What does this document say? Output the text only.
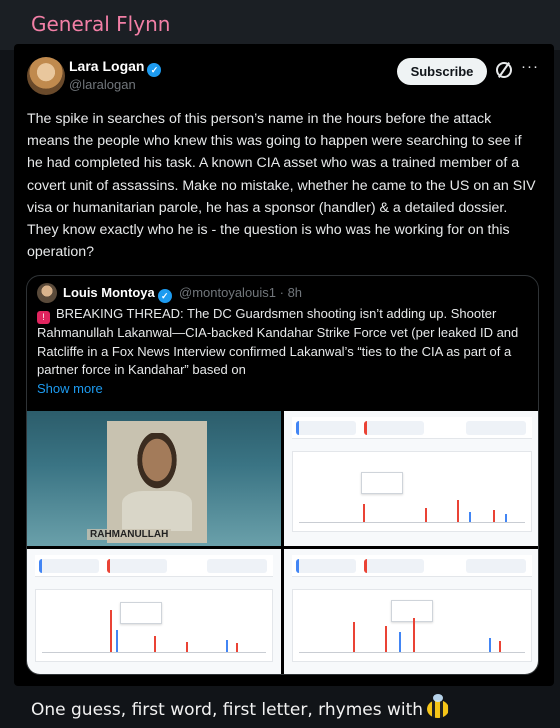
General Flynn
Lara Logan ✓
@laralogan
Subscribe	···
The spike in searches of this person’s name in the hours before the attack means the people who knew this was going to happen were searching to see if he had completed his task. A known CIA asset who was a trained member of a covert unit of assassins. Make no mistake, whether he came to the US on an SIV visa or humanitarian parole, he has a sponsor (handler) & a detailed dossier. They know exactly who he is - the question is who was he working for on this operation?
Louis Montoya ✓ @montoyalouis1 · 8h
! BREAKING THREAD: The DC Guardsmen shooting isn’t adding up. Shooter Rahmanullah Lakanwal—CIA-backed Kandahar Strike Force vet (per leaked ID and Ratcliffe in a Fox News Interview confirmed Lakanwal’s “ties to the CIA as part of a partner force in Kandahar” based on
Show more
RAHMANULLAH
One guess, first word, first letter, rhymes with
